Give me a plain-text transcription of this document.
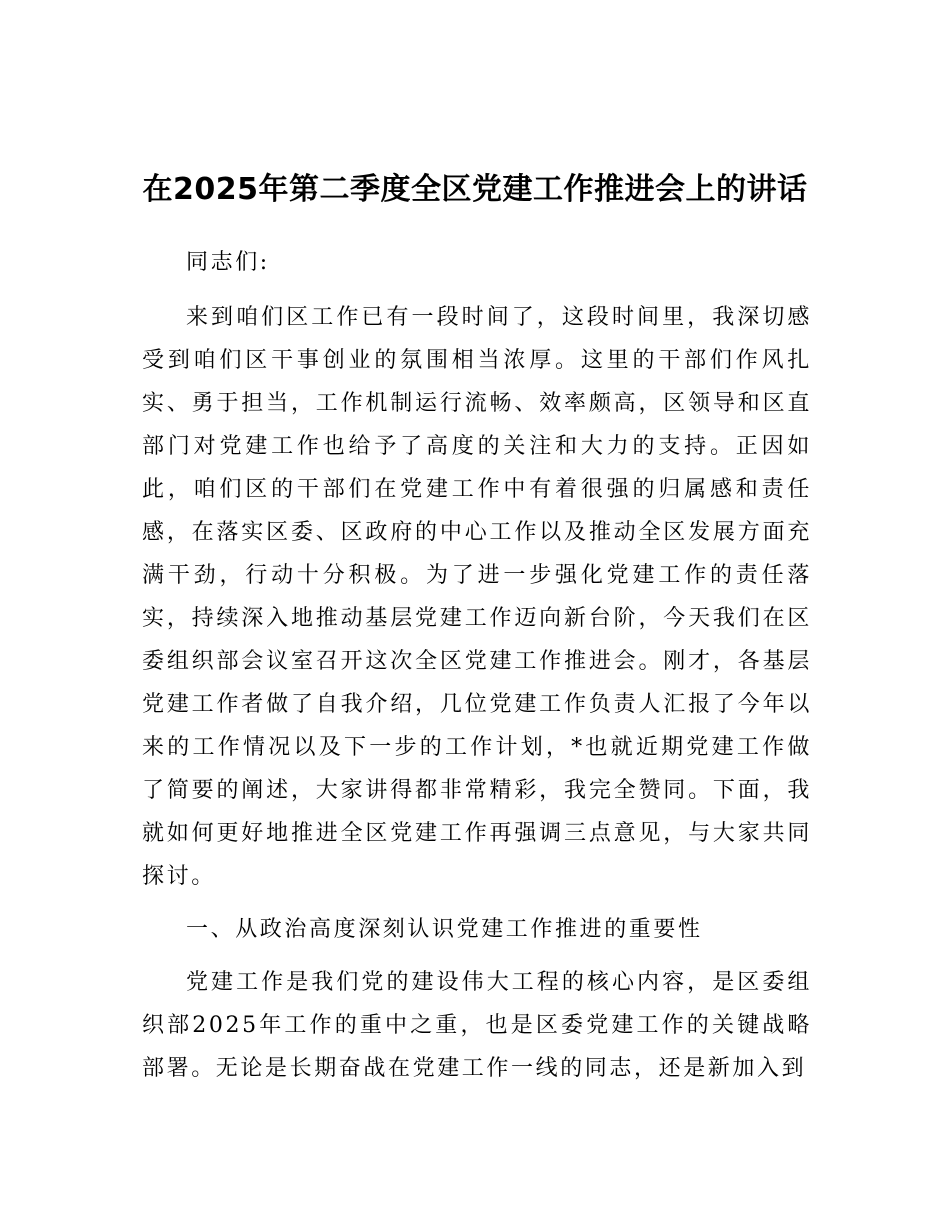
在2025年第二季度全区党建工作推进会上的讲话

同志们:

来到咱们区工作已有一段时间了，这段时间里，我深切感受到咱们区干事创业的氛围相当浓厚。这里的干部们作风扎实、勇于担当，工作机制运行流畅、效率颇高，区领导和区直部门对党建工作也给予了高度的关注和大力的支持。正因如此，咱们区的干部们在党建工作中有着很强的归属感和责任感，在落实区委、区政府的中心工作以及推动全区发展方面充满干劲，行动十分积极。为了进一步强化党建工作的责任落实，持续深入地推动基层党建工作迈向新台阶，今天我们在区委组织部会议室召开这次全区党建工作推进会。刚才，各基层党建工作者做了自我介绍，几位党建工作负责人汇报了今年以来的工作情况以及下一步的工作计划，*也就近期党建工作做了简要的阐述，大家讲得都非常精彩，我完全赞同。下面，我就如何更好地推进全区党建工作再强调三点意见，与大家共同探讨。

一、从政治高度深刻认识党建工作推进的重要性

党建工作是我们党的建设伟大工程的核心内容，是区委组织部2025年工作的重中之重，也是区委党建工作的关键战略部署。无论是长期奋战在党建工作一线的同志，还是新加入到
